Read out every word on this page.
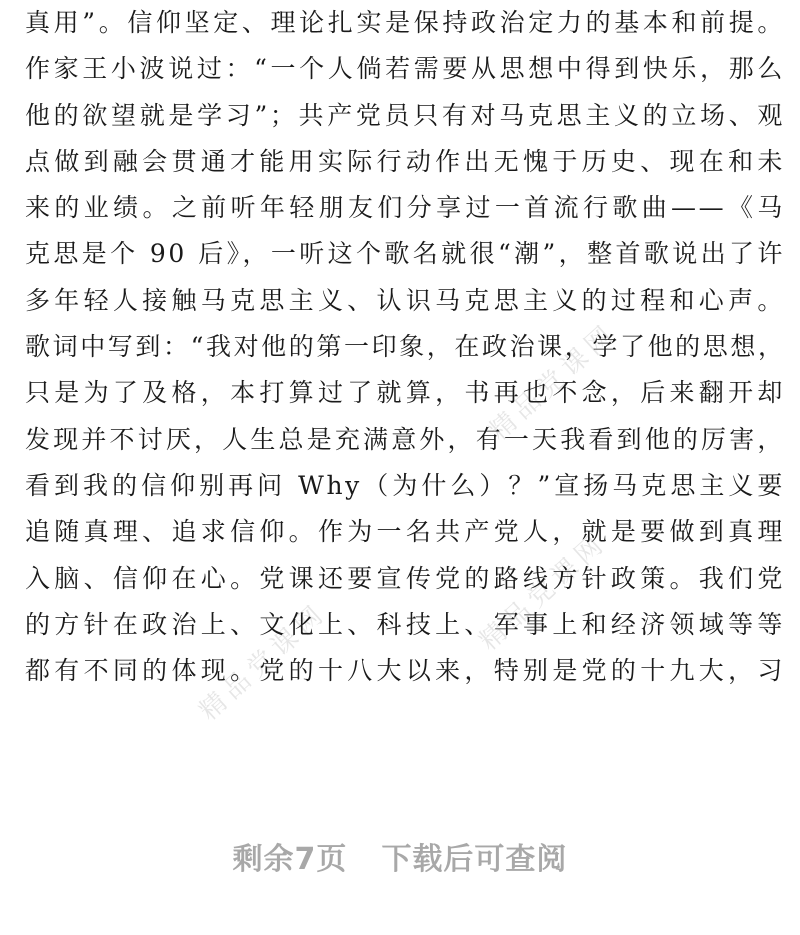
精品党课网
精品党课网
精品党课网
真用”。信仰坚定、理论扎实是保持政治定力的基本和前提。
作家王小波说过：“一个人倘若需要从思想中得到快乐，那么
他的欲望就是学习”；共产党员只有对马克思主义的立场、观
点做到融会贯通才能用实际行动作出无愧于历史、现在和未
来的业绩。之前听年轻朋友们分享过一首流行歌曲——《马
克思是个 90 后》，一听这个歌名就很“潮”，整首歌说出了许
多年轻人接触马克思主义、认识马克思主义的过程和心声。
歌词中写到：“我对他的第一印象，在政治课，学了他的思想，
只是为了及格，本打算过了就算，书再也不念，后来翻开却
发现并不讨厌，人生总是充满意外，有一天我看到他的厉害，
看到我的信仰别再问 Why（为什么）？”宣扬马克思主义要
追随真理、追求信仰。作为一名共产党人，就是要做到真理
入脑、信仰在心。党课还要宣传党的路线方针政策。我们党
的方针在政治上、文化上、科技上、军事上和经济领域等等
都有不同的体现。党的十八大以来，特别是党的十九大，习
剩余7页 下载后可查阅
